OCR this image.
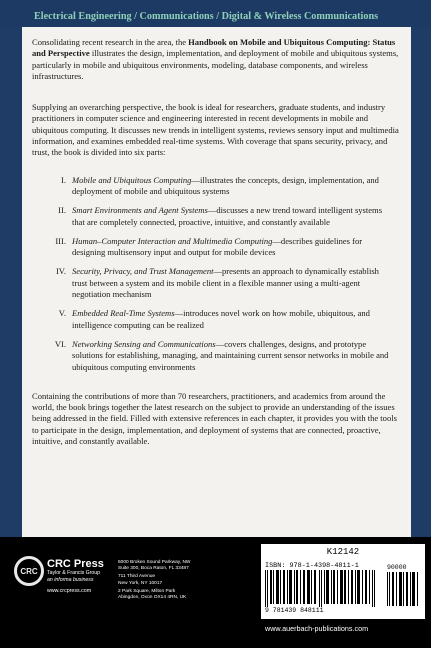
Electrical Engineering / Communications / Digital & Wireless Communications

Consolidating recent research in the area, the Handbook on Mobile and Ubiquitous Computing: Status and Perspective illustrates the design, implementation, and deployment of mobile and ubiquitous systems, particularly in mobile and ubiquitous environments, modeling, database components, and wireless infrastructures.

Supplying an overarching perspective, the book is ideal for researchers, graduate students, and industry practitioners in computer science and engineering interested in recent developments in mobile and ubiquitous computing. It discusses new trends in intelligent systems, reviews sensory input and multimedia information, and examines embedded real-time systems. With coverage that spans security, privacy, and trust, the book is divided into six parts:

I. Mobile and Ubiquitous Computing—illustrates the concepts, design, implementation, and deployment of mobile and ubiquitous systems
II. Smart Environments and Agent Systems—discusses a new trend toward intelligent systems that are completely connected, proactive, intuitive, and constantly available
III. Human–Computer Interaction and Multimedia Computing—describes guidelines for designing multisensory input and output for mobile devices
IV. Security, Privacy, and Trust Management—presents an approach to dynamically establish trust between a system and its mobile client in a flexible manner using a multi-agent negotiation mechanism
V. Embedded Real-Time Systems—introduces novel work on how mobile, ubiquitous, and intelligence computing can be realized
VI. Networking Sensing and Communications—covers challenges, designs, and prototype solutions for establishing, managing, and maintaining current sensor networks in mobile and ubiquitous computing environments

Containing the contributions of more than 70 researchers, practitioners, and academics from around the world, the book brings together the latest research on the subject to provide an understanding of the issues being addressed in the field. Filled with extensive references in each chapter, it provides you with the tools to participate in the design, implementation, and deployment of systems that are connected, proactive, intuitive, and constantly available.

CRC
CRC Press
Taylor & Francis Group
an informa business
www.crcpress.com
6000 Broken Sound Parkway, NW
Suite 300, Boca Raton, FL 33487
711 Third Avenue
New York, NY 10017
2 Park Square, Milton Park
Abingdon, Oxon OX14 4RN, UK
K12142
ISBN: 978-1-4398-4811-1
9 781439 848111
90000
www.auerbach-publications.com
